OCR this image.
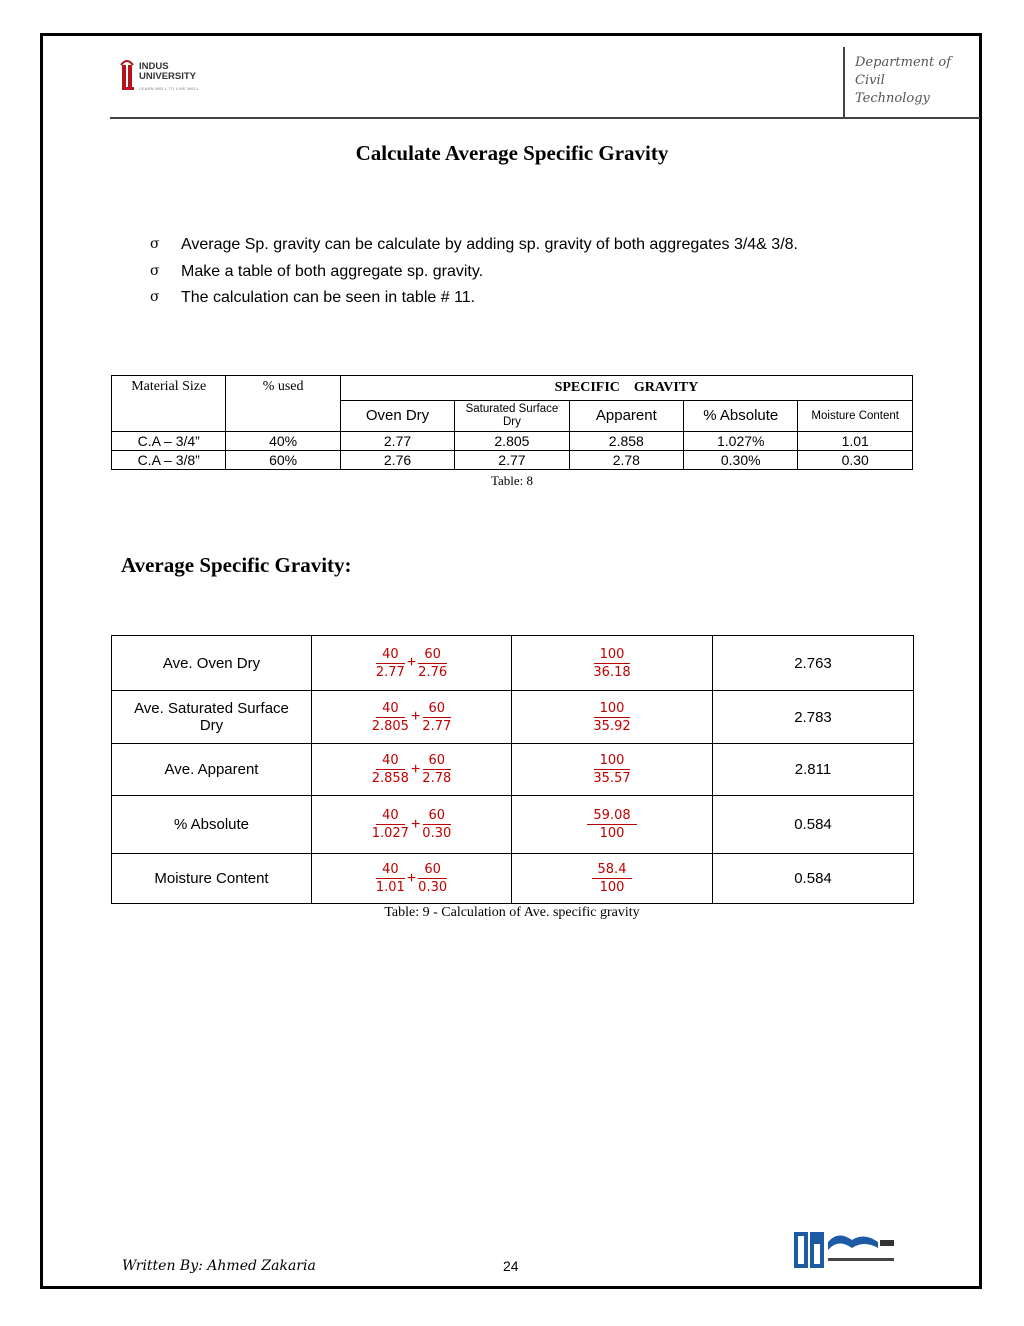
INDUS
UNIVERSITY
LEARN WELL TO LIVE WELL
Department of
Civil
Technology
Calculate Average Specific Gravity
σ	Average Sp. gravity can be calculate by adding sp. gravity of both aggregates 3/4& 3/8.
σ	Make a table of both aggregate sp. gravity.
σ	The calculation can be seen in table # 11.
Material Size	% used	SPECIFIC    GRAVITY				
		Oven Dry	Saturated Surface Dry	Apparent	% Absolute	Moisture Content
C.A – 3/4”	40%	2.77	2.805	2.858	1.027%	1.01
C.A – 3/8”	60%	2.76	2.77	2.78	0.30%	0.30
Table: 8
Average Specific Gravity:
Ave. Oven Dry	$\frac{40}{2.77} + \frac{60}{2.76}$	$\frac{100}{36.18}$	2.763
Ave. Saturated Surface Dry	$\frac{40}{2.805} + \frac{60}{2.77}$	$\frac{100}{35.92}$	2.783
Ave. Apparent	$\frac{40}{2.858} + \frac{60}{2.78}$	$\frac{100}{35.57}$	2.811
% Absolute	$\frac{40}{1.027} + \frac{60}{0.30}$	$\frac{59.08}{100}$	0.584
Moisture Content	$\frac{40}{1.01} + \frac{60}{0.30}$	$\frac{58.4}{100}$	0.584
Table: 9 - Calculation of Ave. specific gravity
Written By: Ahmed Zakaria	24
